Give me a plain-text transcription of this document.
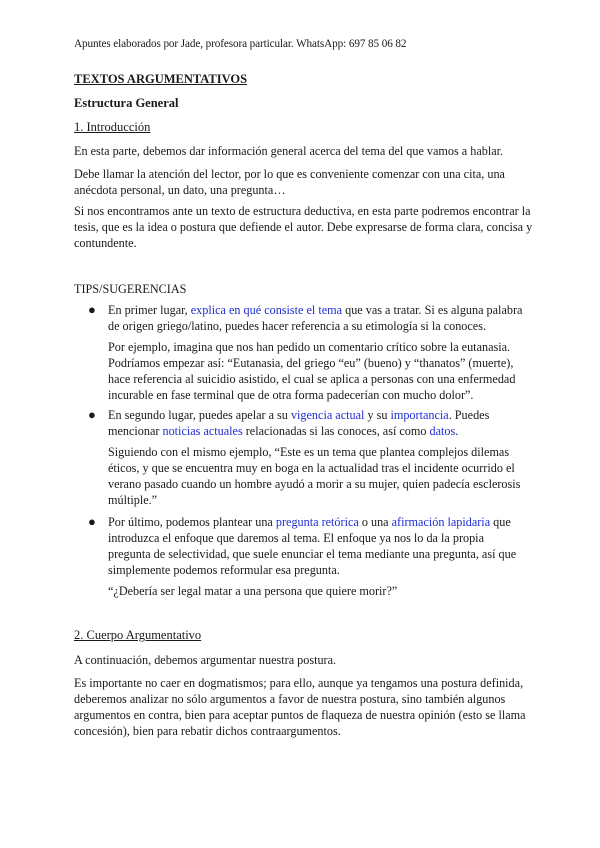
Apuntes elaborados por Jade, profesora particular. WhatsApp: 697 85 06 82
TEXTOS ARGUMENTATIVOS
Estructura General
1. Introducción

En esta parte, debemos dar información general acerca del tema del que vamos a hablar.

Debe llamar la atención del lector, por lo que es conveniente comenzar con una cita, una anécdota personal, un dato, una pregunta…

Si nos encontramos ante un texto de estructura deductiva, en esta parte podremos encontrar la tesis, que es la idea o postura que defiende el autor. Debe expresarse de forma clara, concisa y contundente.

TIPS/SUGERENCIAS
● En primer lugar, explica en qué consiste el tema que vas a tratar. Si es alguna palabra de origen griego/latino, puedes hacer referencia a su etimología si la conoces.

Por ejemplo, imagina que nos han pedido un comentario crítico sobre la eutanasia. Podríamos empezar así: “Eutanasia, del griego “eu” (bueno) y “thanatos” (muerte), hace referencia al suicidio asistido, el cual se aplica a personas con una enfermedad incurable en fase terminal que de otra forma padecerían con mucho dolor”.

● En segundo lugar, puedes apelar a su vigencia actual y su importancia. Puedes mencionar noticias actuales relacionadas si las conoces, así como datos.

Siguiendo con el mismo ejemplo, “Este es un tema que plantea complejos dilemas éticos, y que se encuentra muy en boga en la actualidad tras el incidente ocurrido el verano pasado cuando un hombre ayudó a morir a su mujer, quien padecía esclerosis múltiple.”

● Por último, podemos plantear una pregunta retórica o una afirmación lapidaria que introduzca el enfoque que daremos al tema. El enfoque ya nos lo da la propia pregunta de selectividad, que suele enunciar el tema mediante una pregunta, así que simplemente podemos reformular esa pregunta.

“¿Debería ser legal matar a una persona que quiere morir?”

2. Cuerpo Argumentativo

A continuación, debemos argumentar nuestra postura.

Es importante no caer en dogmatismos; para ello, aunque ya tengamos una postura definida, deberemos analizar no sólo argumentos a favor de nuestra postura, sino también algunos argumentos en contra, bien para aceptar puntos de flaqueza de nuestra opinión (esto se llama concesión), bien para rebatir dichos contraargumentos.
